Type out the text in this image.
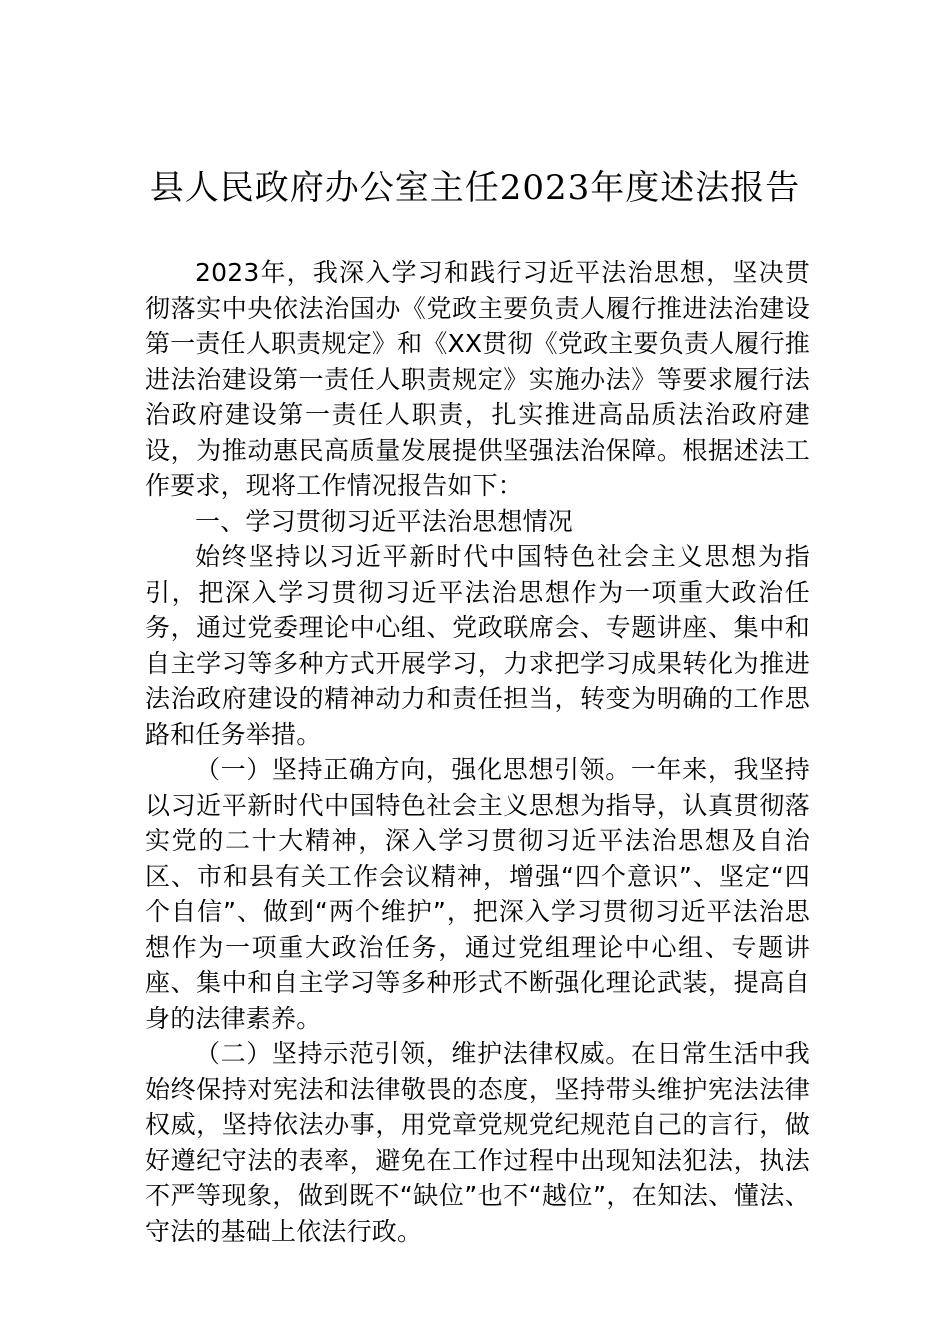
县人民政府办公室主任2023年度述法报告

2023年，我深入学习和践行习近平法治思想，坚决贯彻落实中央依法治国办《党政主要负责人履行推进法治建设第一责任人职责规定》和《XX贯彻《党政主要负责人履行推进法治建设第一责任人职责规定》实施办法》等要求履行法治政府建设第一责任人职责，扎实推进高品质法治政府建设，为推动惠民高质量发展提供坚强法治保障。根据述法工作要求，现将工作情况报告如下：

一、学习贯彻习近平法治思想情况

始终坚持以习近平新时代中国特色社会主义思想为指引，把深入学习贯彻习近平法治思想作为一项重大政治任务，通过党委理论中心组、党政联席会、专题讲座、集中和自主学习等多种方式开展学习，力求把学习成果转化为推进法治政府建设的精神动力和责任担当，转变为明确的工作思路和任务举措。

（一）坚持正确方向，强化思想引领。一年来，我坚持以习近平新时代中国特色社会主义思想为指导，认真贯彻落实党的二十大精神，深入学习贯彻习近平法治思想及自治区、市和县有关工作会议精神，增强“四个意识”、坚定“四个自信”、做到“两个维护”，把深入学习贯彻习近平法治思想作为一项重大政治任务，通过党组理论中心组、专题讲座、集中和自主学习等多种形式不断强化理论武装，提高自身的法律素养。

（二）坚持示范引领，维护法律权威。在日常生活中我始终保持对宪法和法律敬畏的态度，坚持带头维护宪法法律权威，坚持依法办事，用党章党规党纪规范自己的言行，做好遵纪守法的表率，避免在工作过程中出现知法犯法，执法不严等现象，做到既不“缺位”也不“越位”，在知法、懂法、守法的基础上依法行政。
